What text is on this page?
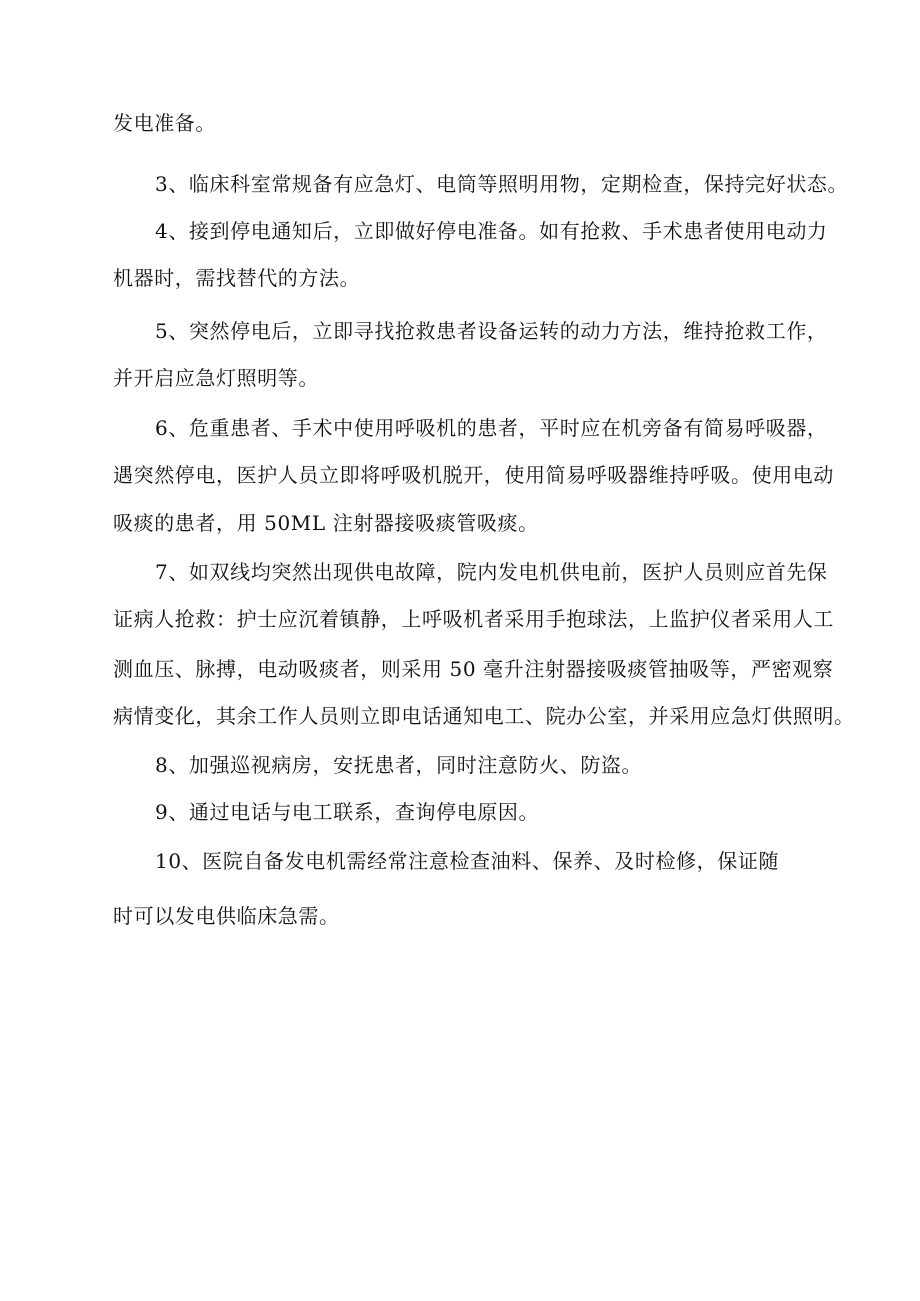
发电准备。
3、临床科室常规备有应急灯、电筒等照明用物，定期检查，保持完好状态。
4、接到停电通知后，立即做好停电准备。如有抢救、手术患者使用电动力
机器时，需找替代的方法。
5、突然停电后，立即寻找抢救患者设备运转的动力方法，维持抢救工作，
并开启应急灯照明等。
6、危重患者、手术中使用呼吸机的患者，平时应在机旁备有简易呼吸器，
遇突然停电，医护人员立即将呼吸机脱开，使用简易呼吸器维持呼吸。使用电动
吸痰的患者，用 50ML 注射器接吸痰管吸痰。
7、如双线均突然出现供电故障，院内发电机供电前，医护人员则应首先保
证病人抢救：护士应沉着镇静，上呼吸机者采用手抱球法，上监护仪者采用人工
测血压、脉搏，电动吸痰者，则采用 50 毫升注射器接吸痰管抽吸等，严密观察
病情变化，其余工作人员则立即电话通知电工、院办公室，并采用应急灯供照明。
8、加强巡视病房，安抚患者，同时注意防火、防盗。
9、通过电话与电工联系，查询停电原因。
10、医院自备发电机需经常注意检查油料、保养、及时检修，保证随
时可以发电供临床急需。
